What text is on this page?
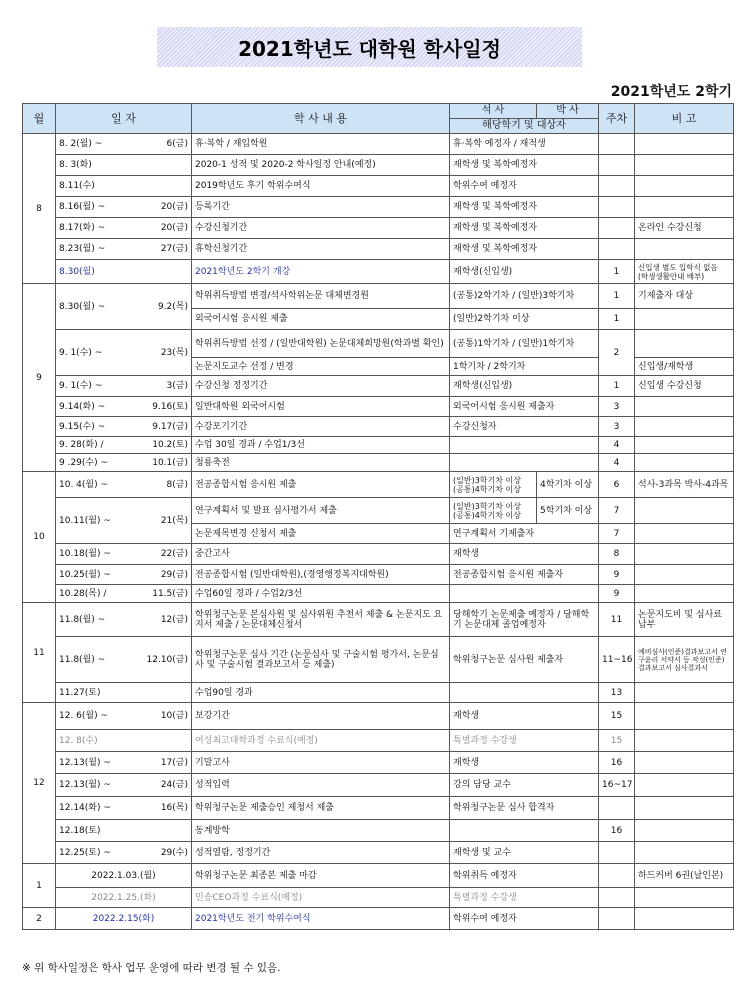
2021학년도 대학원 학사일정
2021학년도 2학기
월	일 자	학 사 내 용	석 사	박 사	주차	비 고
			해당학기 및 대상자			
8	8. 2(월) ~ 6(금)	휴·복학 / 재입학원	휴·복학 예정자 / 재적생			

	8. 3(화)	2020-1 성적 및 2020-2 학사일정 안내(예정)	재학생 및 복학예정자			

	8.11(수)	2019학년도 후기 학위수여식	학위수여 예정자			

	8.16(월) ~ 20(금)	등록기간	재학생 및 복학예정자			

	8.17(화) ~ 20(금)	수강신청기간	재학생 및 복학예정자			온라인 수강신청

	8.23(월) ~ 27(금)	휴학신청기간	재학생 및 복학예정자			

	8.30(월)	2021학년도 2학기 개강	재학생(신입생)		1	신입생 별도 입학식 없음 (학생생활안내 배부)
9	8.30(월) ~ 9.2(목)	학위취득방법 변경/석사학위논문 대체변경원	(공통)2학기차 / (일반)3학기차		1	기제출자 대상
		외국어시험 응시원 제출	(일반)2학기차 이상		1	

	9. 1(수) ~ 23(목)	학위취득방법 선정 / (일반대학원) 논문대체희망원(학과별 확인)	(공통)1학기차 / (일반)1학기차		2	
		논문지도교수 선정 / 변경	1학기차 / 2학기차			신입생/재학생

	9. 1(수) ~ 3(금)	수강신청 정정기간	재학생(신입생)		1	신입생 수강신청

	9.14(화) ~ 9.16(토)	일반대학원 외국어시험	외국어시험 응시원 제출자		3	

	9.15(수) ~ 9.17(금)	수강포기기간	수강신청자		3	

	9. 28(화) / 10.2(토)	수업 30일 경과 / 수업1/3선			4	

	9 .29(수) ~ 10.1(금)	청룡축전			4	
10	10. 4(월) ~ 8(금)	전공종합시험 응시원 제출	(일반)3학기차 이상 (공통)4학기차 이상	4학기차 이상	6	석사-3과목 박사-4과목

	10.11(월) ~ 21(목)	연구계획서 및 발표 심사평가서 제출	(일반)3학기차 이상 (공통)4학기차 이상	5학기차 이상	7	
		논문제목변경 신청서 제출	연구계획서 기제출자		7	

	10.18(월) ~ 22(금)	중간고사	재학생		8	

	10.25(월) ~ 29(금)	전공종합시험 (일반대학원),(경영행정복지대학원)	전공종합시험 응시원 제출자		9	

	10.28(목) / 11.5(금)	수업60일 경과 / 수업2/3선			9	
11	11.8(월) ~ 12(금)	학위청구논문 본심사원 및 심사위원 추천서 제출 & 논문지도 요지서 제출 / 논문대체신청서	당해학기 논문제출 예정자 / 당해학기 논문대체 졸업예정자		11	논문지도비 및 심사료 납부

	11.8(월) ~ 12.10(금)	학위청구논문 심사 기간 (논문심사 및 구술시험 평가서, 논문심사 및 구술시험 결과보고서 등 제출)	학위청구논문 심사원 제출자		11~16	예비심사(인준)결과보고서 연구윤리 서약서 등 작성(인준)결과보고서 심사결과서

	11.27(토)	수업90일 경과			13	
12	12. 6(월) ~ 10(금)	보강기간	재학생		15	

	12. 8(수)	여성최고대학과정 수료식(예정)	특별과정 수강생		15	

	12.13(월) ~ 17(금)	기말고사	재학생		16	

	12.13(월) ~ 24(금)	성적입력	강의 담당 교수		16~17	

	12.14(화) ~ 16(목)	학위청구논문 제출승인 제청서 제출	학위청구논문 심사 합격자			

	12.18(토)	동계방학			16	

	12.25(토) ~ 29(수)	성적열람, 정정기간	재학생 및 교수			
1	2022.1.03.(월)	학위청구논문 최종본 제출 마감	학위취득 예정자			하드커버 6권(날인본)
	2022.1.25.(화)	민송CEO과정 수료식(예정)	특별과정 수강생			
2	2022.2.15(화)	2021학년도 전기 학위수여식	학위수여 예정자			
※ 위 학사일정은 학사 업무 운영에 따라 변경 될 수 있음.
